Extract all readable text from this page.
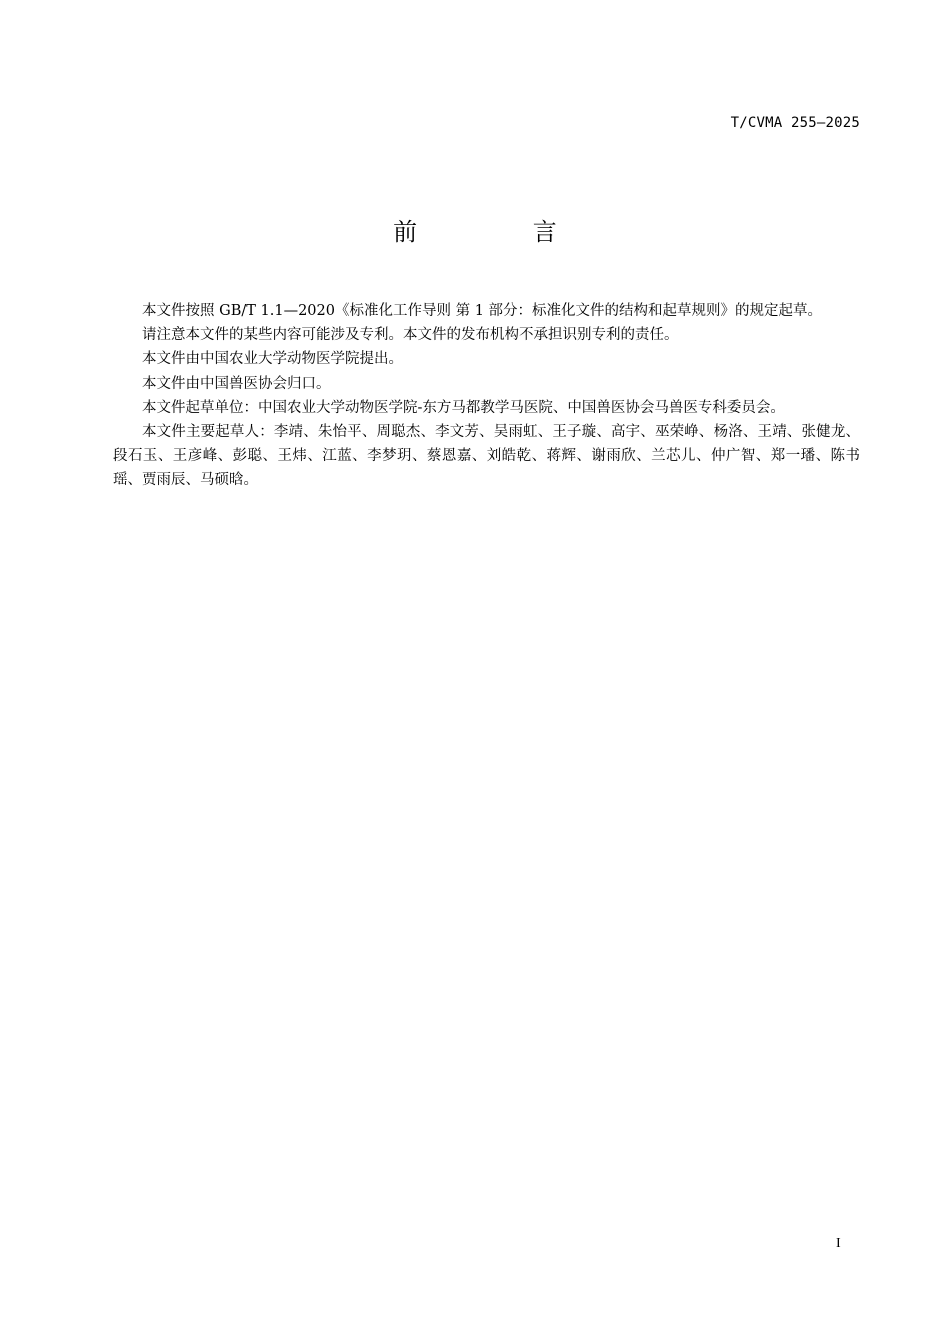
T/CVMA 255—2025
前 言

本文件按照 GB/T 1.1—2020《标准化工作导则 第 1 部分：标准化文件的结构和起草规则》的规定起草。

请注意本文件的某些内容可能涉及专利。本文件的发布机构不承担识别专利的责任。

本文件由中国农业大学动物医学院提出。

本文件由中国兽医协会归口。

本文件起草单位：中国农业大学动物医学院-东方马都教学马医院、中国兽医协会马兽医专科委员会。

本文件主要起草人：李靖、朱怡平、周聪杰、李文芳、吴雨虹、王子璇、高宇、巫荣峥、杨洛、王靖、张健龙、段石玉、王彦峰、彭聪、王炜、江蓝、李梦玥、蔡恩嘉、刘皓乾、蒋辉、谢雨欣、兰芯儿、仲广智、郑一璠、陈书瑶、贾雨辰、马硕晗。

I
